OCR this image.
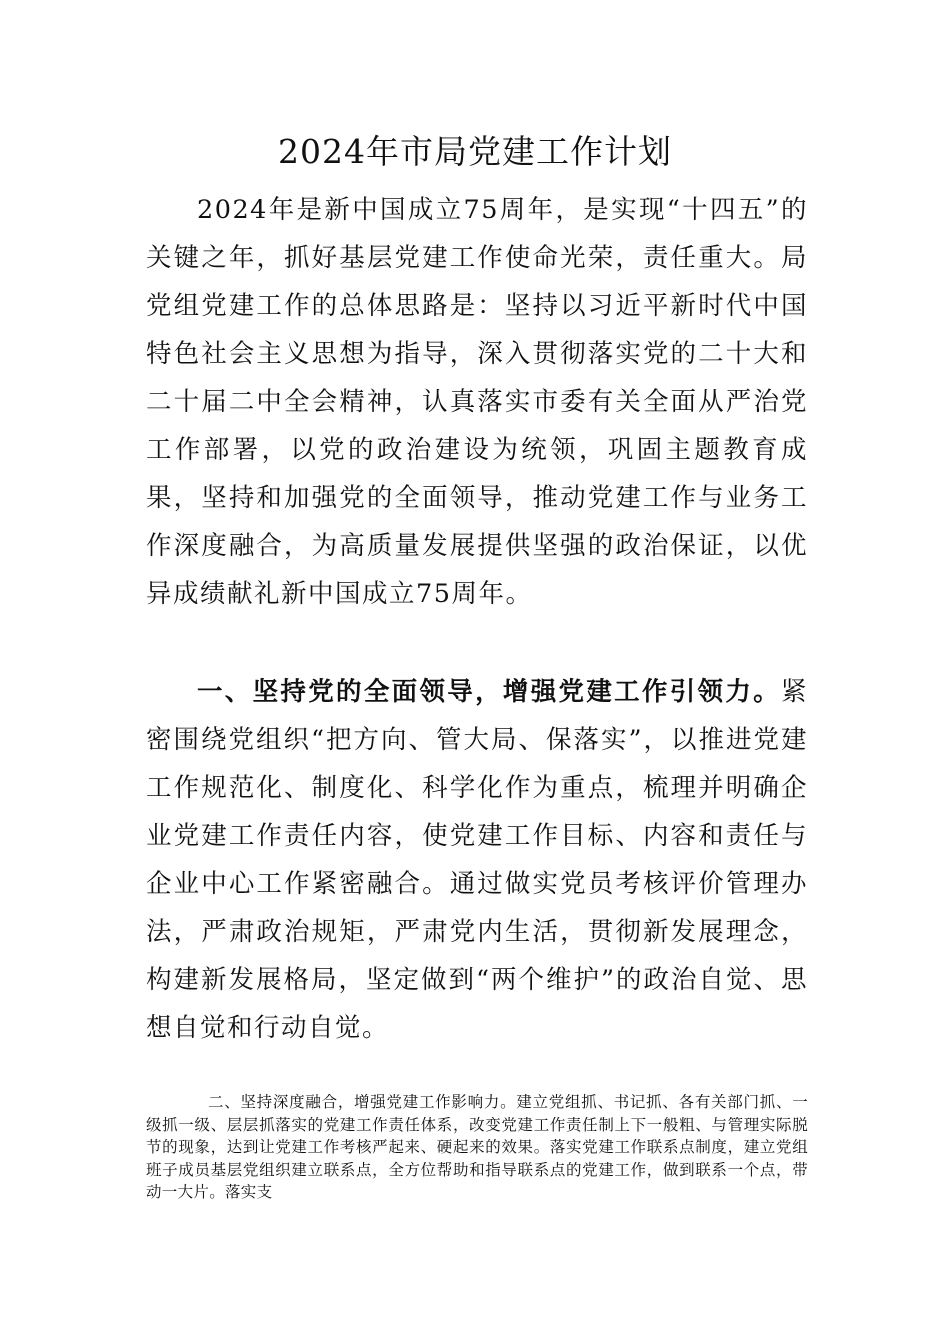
2024年市局党建工作计划

2024年是新中国成立75周年，是实现“十四五”的关键之年，抓好基层党建工作使命光荣，责任重大。局党组党建工作的总体思路是：坚持以习近平新时代中国特色社会主义思想为指导，深入贯彻落实党的二十大和二十届二中全会精神，认真落实市委有关全面从严治党工作部署，以党的政治建设为统领，巩固主题教育成果，坚持和加强党的全面领导，推动党建工作与业务工作深度融合，为高质量发展提供坚强的政治保证，以优异成绩献礼新中国成立75周年。

一、坚持党的全面领导，增强党建工作引领力。紧密围绕党组织“把方向、管大局、保落实”，以推进党建工作规范化、制度化、科学化作为重点，梳理并明确企业党建工作责任内容，使党建工作目标、内容和责任与企业中心工作紧密融合。通过做实党员考核评价管理办法，严肃政治规矩，严肃党内生活，贯彻新发展理念，构建新发展格局，坚定做到“两个维护”的政治自觉、思想自觉和行动自觉。

二、坚持深度融合，增强党建工作影响力。建立党组抓、书记抓、各有关部门抓、一级抓一级、层层抓落实的党建工作责任体系，改变党建工作责任制上下一般粗、与管理实际脱节的现象，达到让党建工作考核严起来、硬起来的效果。落实党建工作联系点制度，建立党组班子成员基层党组织建立联系点，全方位帮助和指导联系点的党建工作，做到联系一个点，带动一大片。落实支
